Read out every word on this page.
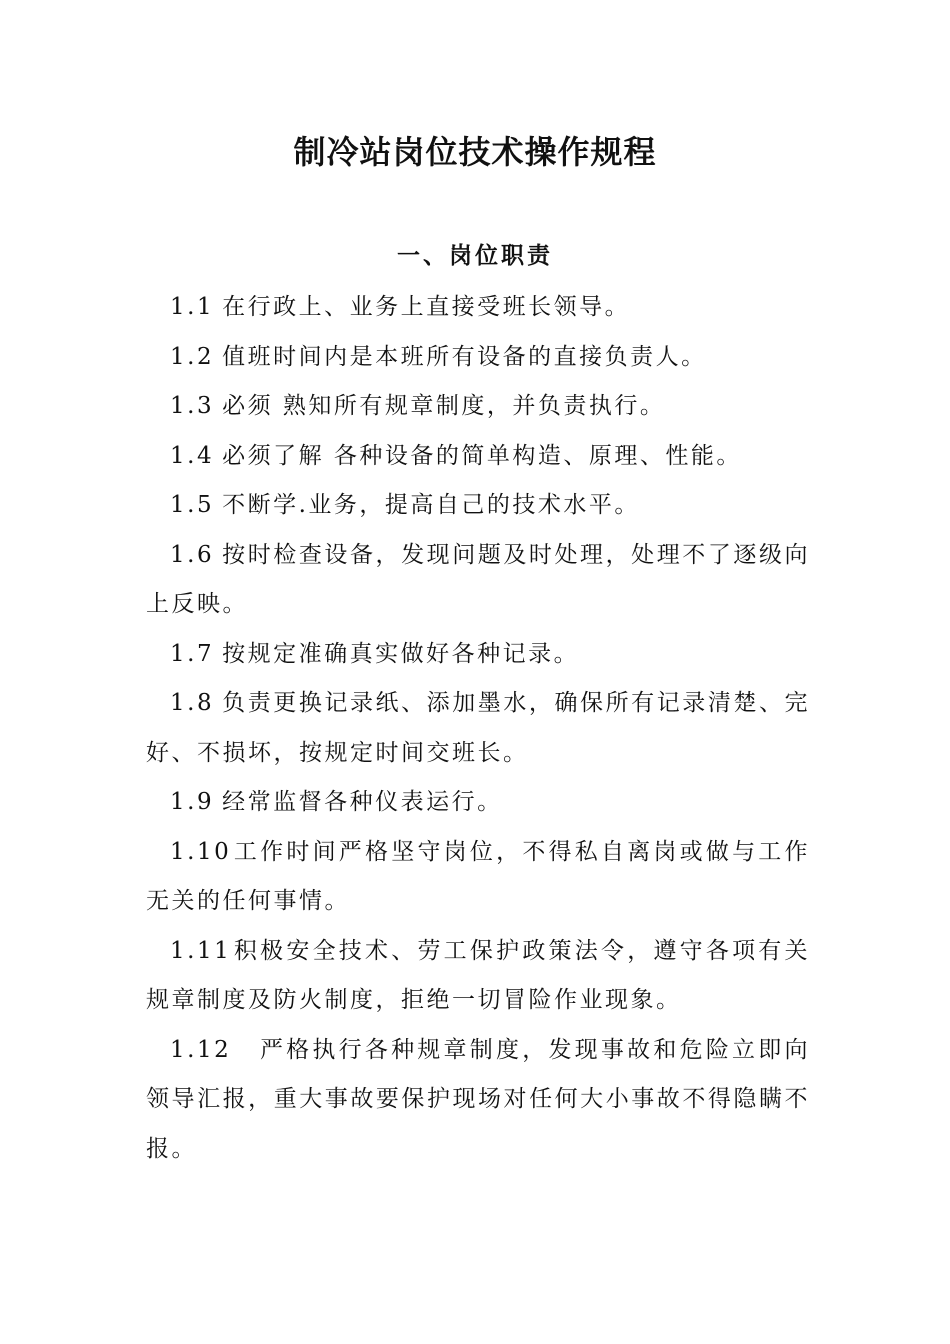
制冷站岗位技术操作规程
一、岗位职责

1.1 在行政上、业务上直接受班长领导。

1.2 值班时间内是本班所有设备的直接负责人。

1.3 必须 熟知所有规章制度，并负责执行。

1.4 必须了解 各种设备的简单构造、原理、性能。

1.5 不断学.业务，提高自己的技术水平。

1.6 按时检查设备，发现问题及时处理，处理不了逐级向上反映。

1.7 按规定准确真实做好各种记录。

1.8 负责更换记录纸、添加墨水，确保所有记录清楚、完好、不损坏，按规定时间交班长。

1.9 经常监督各种仪表运行。

1.10工作时间严格坚守岗位，不得私自离岗或做与工作无关的任何事情。

1.11积极安全技术、劳工保护政策法令，遵守各项有关规章制度及防火制度，拒绝一切冒险作业现象。

1.12 严格执行各种规章制度，发现事故和危险立即向领导汇报，重大事故要保护现场对任何大小事故不得隐瞒不报。
